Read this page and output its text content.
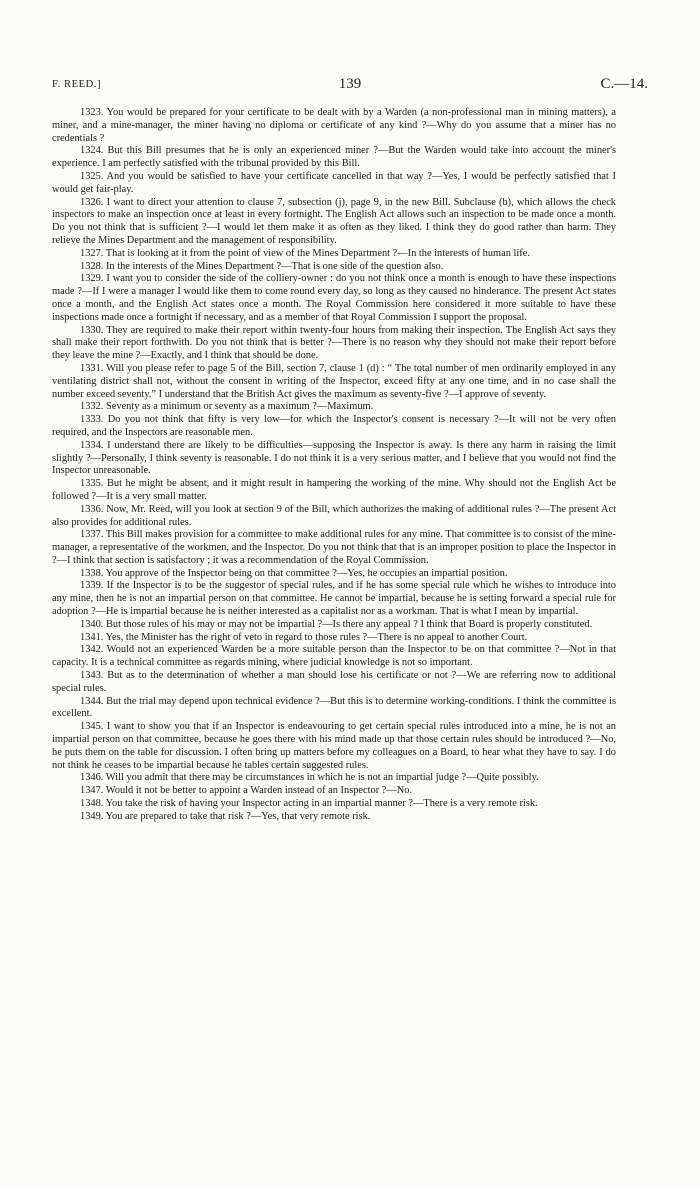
F. REED.]	139	C.—14.

1323. You would be prepared for your certificate to be dealt with by a Warden (a non-professional man in mining matters), a miner, and a mine-manager, the miner having no diploma or certificate of any kind ?—Why do you assume that a miner has no credentials ?

1324. But this Bill presumes that he is only an experienced miner ?—But the Warden would take into account the miner's experience. I am perfectly satisfied with the tribunal provided by this Bill.

1325. And you would be satisfied to have your certificate cancelled in that way ?—Yes, I would be perfectly satisfied that I would get fair-play.

1326. I want to direct your attention to clause 7, subsection (j), page 9, in the new Bill. Subclause (b), which allows the check inspectors to make an inspection once at least in every fortnight. The English Act allows such an inspection to be made once a month. Do you not think that is sufficient ?—I would let them make it as often as they liked. I think they do good rather than harm. They relieve the Mines Department and the management of responsibility.

1327. That is looking at it from the point of view of the Mines Department ?—In the interests of human life.

1328. In the interests of the Mines Department ?—That is one side of the question also.

1329. I want you to consider the side of the colliery-owner : do you not think once a month is enough to have these inspections made ?—If I were a manager I would like them to come round every day, so long as they caused no hinderance. The present Act states once a month, and the English Act states once a month. The Royal Commission here considered it more suitable to have these inspections made once a fortnight if necessary, and as a member of that Royal Commission I support the proposal.

1330. They are required to make their report within twenty-four hours from making their inspection. The English Act says they shall make their report forthwith. Do you not think that is better ?—There is no reason why they should not make their report before they leave the mine ?—Exactly, and I think that should be done.

1331. Will you please refer to page 5 of the Bill, section 7, clause 1 (d) : “ The total number of men ordinarily employed in any ventilating district shall not, without the consent in writing of the Inspector, exceed fifty at any one time, and in no case shall the number exceed seventy.” I understand that the British Act gives the maximum as seventy-five ?—I approve of seventy.

1332. Seventy as a minimum or seventy as a maximum ?—Maximum.

1333. Do you not think that fifty is very low—for which the Inspector's consent is necessary ?—It will not be very often required, and the Inspectors are reasonable men.

1334. I understand there are likely to be difficulties—supposing the Inspector is away. Is there any harm in raising the limit slightly ?—Personally, I think seventy is reasonable. I do not think it is a very serious matter, and I believe that you would not find the Inspector unreasonable.

1335. But he might be absent, and it might result in hampering the working of the mine. Why should not the English Act be followed ?—It is a very small matter.

1336. Now, Mr. Reed, will you look at section 9 of the Bill, which authorizes the making of additional rules ?—The present Act also provides for additional rules.

1337. This Bill makes provision for a committee to make additional rules for any mine. That committee is to consist of the mine-manager, a representative of the workmen, and the Inspector. Do you not think that that is an improper position to place the Inspector in ?—I think that section is satisfactory ; it was a recommendation of the Royal Commission.

1338. You approve of the Inspector being on that committee ?—Yes, he occupies an impartial position.

1339. If the Inspector is to be the suggestor of special rules, and if he has some special rule which he wishes to introduce into any mine, then he is not an impartial person on that committee. He cannot be impartial, because he is setting forward a special rule for adoption ?—He is impartial because he is neither interested as a capitalist nor as a workman. That is what I mean by impartial.

1340. But those rules of his may or may not be impartial ?—Is there any appeal ? I think that Board is properly constituted.

1341. Yes, the Minister has the right of veto in regard to those rules ?—There is no appeal to another Court.

1342. Would not an experienced Warden be a more suitable person than the Inspector to be on that committee ?—Not in that capacity. It is a technical committee as regards mining, where judicial knowledge is not so important.

1343. But as to the determination of whether a man should lose his certificate or not ?—We are referring now to additional special rules.

1344. But the trial may depend upon technical evidence ?—But this is to determine working-conditions. I think the committee is excellent.

1345. I want to show you that if an Inspector is endeavouring to get certain special rules introduced into a mine, he is not an impartial person on that committee, because he goes there with his mind made up that those certain rules should be introduced ?—No, he puts them on the table for discussion. I often bring up matters before my colleagues on a Board, to hear what they have to say. I do not think he ceases to be impartial because he tables certain suggested rules.

1346. Will you admit that there may be circumstances in which he is not an impartial judge ?—Quite possibly.

1347. Would it not be better to appoint a Warden instead of an Inspector ?—No.

1348. You take the risk of having your Inspector acting in an impartial manner ?—There is a very remote risk.

1349. You are prepared to take that risk ?—Yes, that very remote risk.
